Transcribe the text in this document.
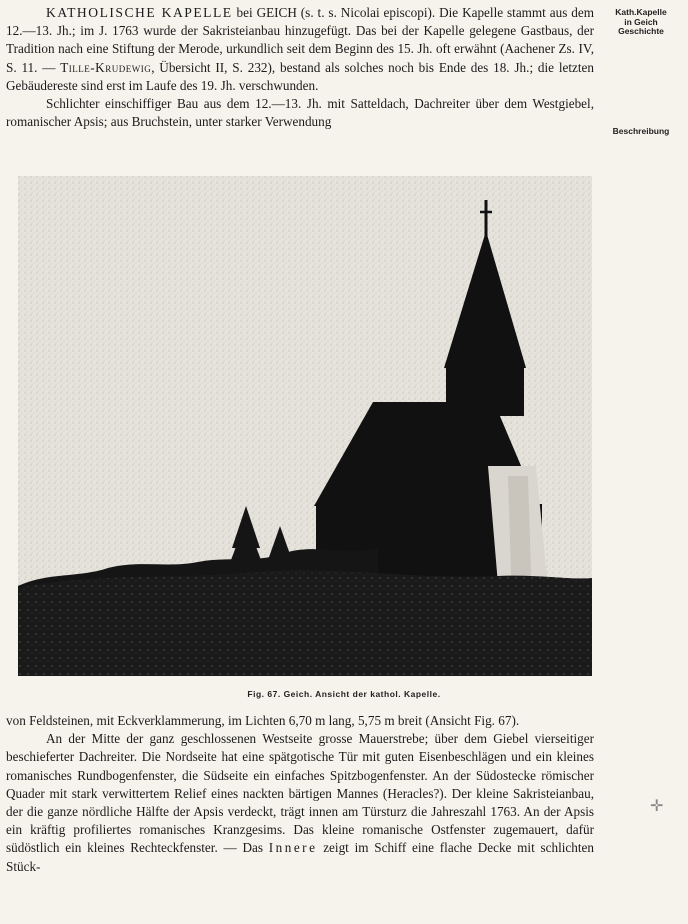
KATHOLISCHE KAPELLE bei GEICH (s. t. s. Nicolai episcopi). Die Kapelle stammt aus dem 12.—13. Jh.; im J. 1763 wurde der Sakristeianbau hinzugefügt. Das bei der Kapelle gelegene Gastbaus, der Tradition nach eine Stiftung der Merode, urkundlich seit dem Beginn des 15. Jh. oft erwähnt (Aachener Zs. IV, S. 11. — Tille-Krudewig, Übersicht II, S. 232), bestand als solches noch bis Ende des 18. Jh.; die letzten Gebäudereste sind erst im Laufe des 19. Jh. verschwunden.

Schlichter einschiffiger Bau aus dem 12.—13. Jh. mit Satteldach, Dachreiter über dem Westgiebel, romanischer Apsis; aus Bruchstein, unter starker Verwendung

Kath.Kapelle
in Geich
Geschichte
Beschreibung
Fig. 67. Geich. Ansicht der kathol. Kapelle.

von Feldsteinen, mit Eckverklammerung, im Lichten 6,70 m lang, 5,75 m breit (Ansicht Fig. 67).

An der Mitte der ganz geschlossenen Westseite grosse Mauerstrebe; über dem Giebel vierseitiger beschieferter Dachreiter. Die Nordseite hat eine spätgotische Tür mit guten Eisenbeschlägen und ein kleines romanisches Rundbogenfenster, die Südseite ein einfaches Spitzbogenfenster. An der Südostecke römischer Quader mit stark verwittertem Relief eines nackten bärtigen Mannes (Heracles?). Der kleine Sakristeianbau, der die ganze nördliche Hälfte der Apsis verdeckt, trägt innen am Türsturz die Jahreszahl 1763. An der Apsis ein kräftig profiliertes romanisches Kranzgesims. Das kleine romanische Ostfenster zugemauert, dafür südöstlich ein kleines Rechteckfenster. — Das Innere zeigt im Schiff eine flache Decke mit schlichten Stück-

✛
